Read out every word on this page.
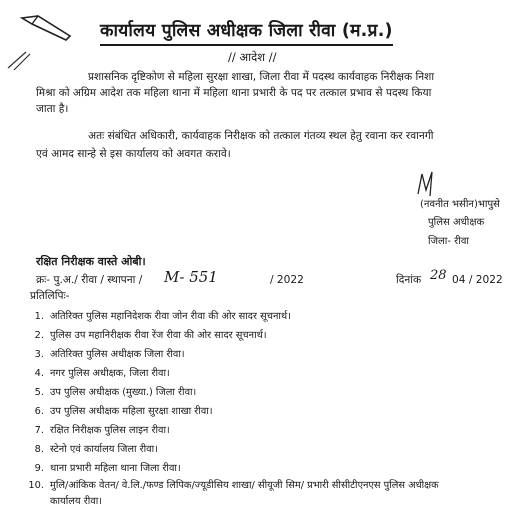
कार्यालय पुलिस अधीक्षक जिला रीवा (म.प्र.)
// आदेश //
प्रशासनिक दृष्टिकोण से महिला सुरक्षा शाखा, जिला रीवा में पदस्थ कार्यवाहक निरीक्षक निशा
मिश्रा को अग्रिम आदेश तक महिला थाना में महिला थाना प्रभारी के पद पर तत्काल प्रभाव से पदस्थ किया
जाता है।
अतः संबंधित अधिकारी, कार्यवाहक निरीक्षक को तत्काल गंतव्य स्थल हेतु रवाना कर रवानगी
एवं आमद सान्हे से इस कार्यालय को अवगत करावे।
(नवनीत भसीन)भापुसे
पुलिस अधीक्षक
जिला- रीवा
रक्षित निरीक्षक वास्ते ओबी।
क्रः- पु.अ./ रीवा / स्थापना / M- 551	/ 2022	दिनांक 28 04 / 2022
प्रतिलिपिः-
1. अतिरिक्त पुलिस महानिदेशक रीवा जोन रीवा की ओर सादर सूचनार्थ।
2. पुलिस उप महानिरीक्षक रीवा रेंज रीवा की ओर सादर सूचनार्थ।
3. अतिरिक्त पुलिस अधीक्षक जिला रीवा।
4. नगर पुलिस अधीक्षक, जिला रीवा।
5. उप पुलिस अधीक्षक (मुख्या.) जिला रीवा।
6. उप पुलिस अधीक्षक महिला सुरक्षा शाखा रीवा।
7. रक्षित निरीक्षक पुलिस लाइन रीवा।
8. स्टेनो एवं कार्यालय जिला रीवा।
9. थाना प्रभारी महिला थाना जिला रीवा।
10. मुलि/आंकिक वेतन/ वे.लि./फण्ड लिपिक/ज्यूडीसिय शाखा/ सीयूजी सिम/ प्रभारी सीसीटीएनएस पुलिस अधीक्षक
कार्यालय रीवा।
